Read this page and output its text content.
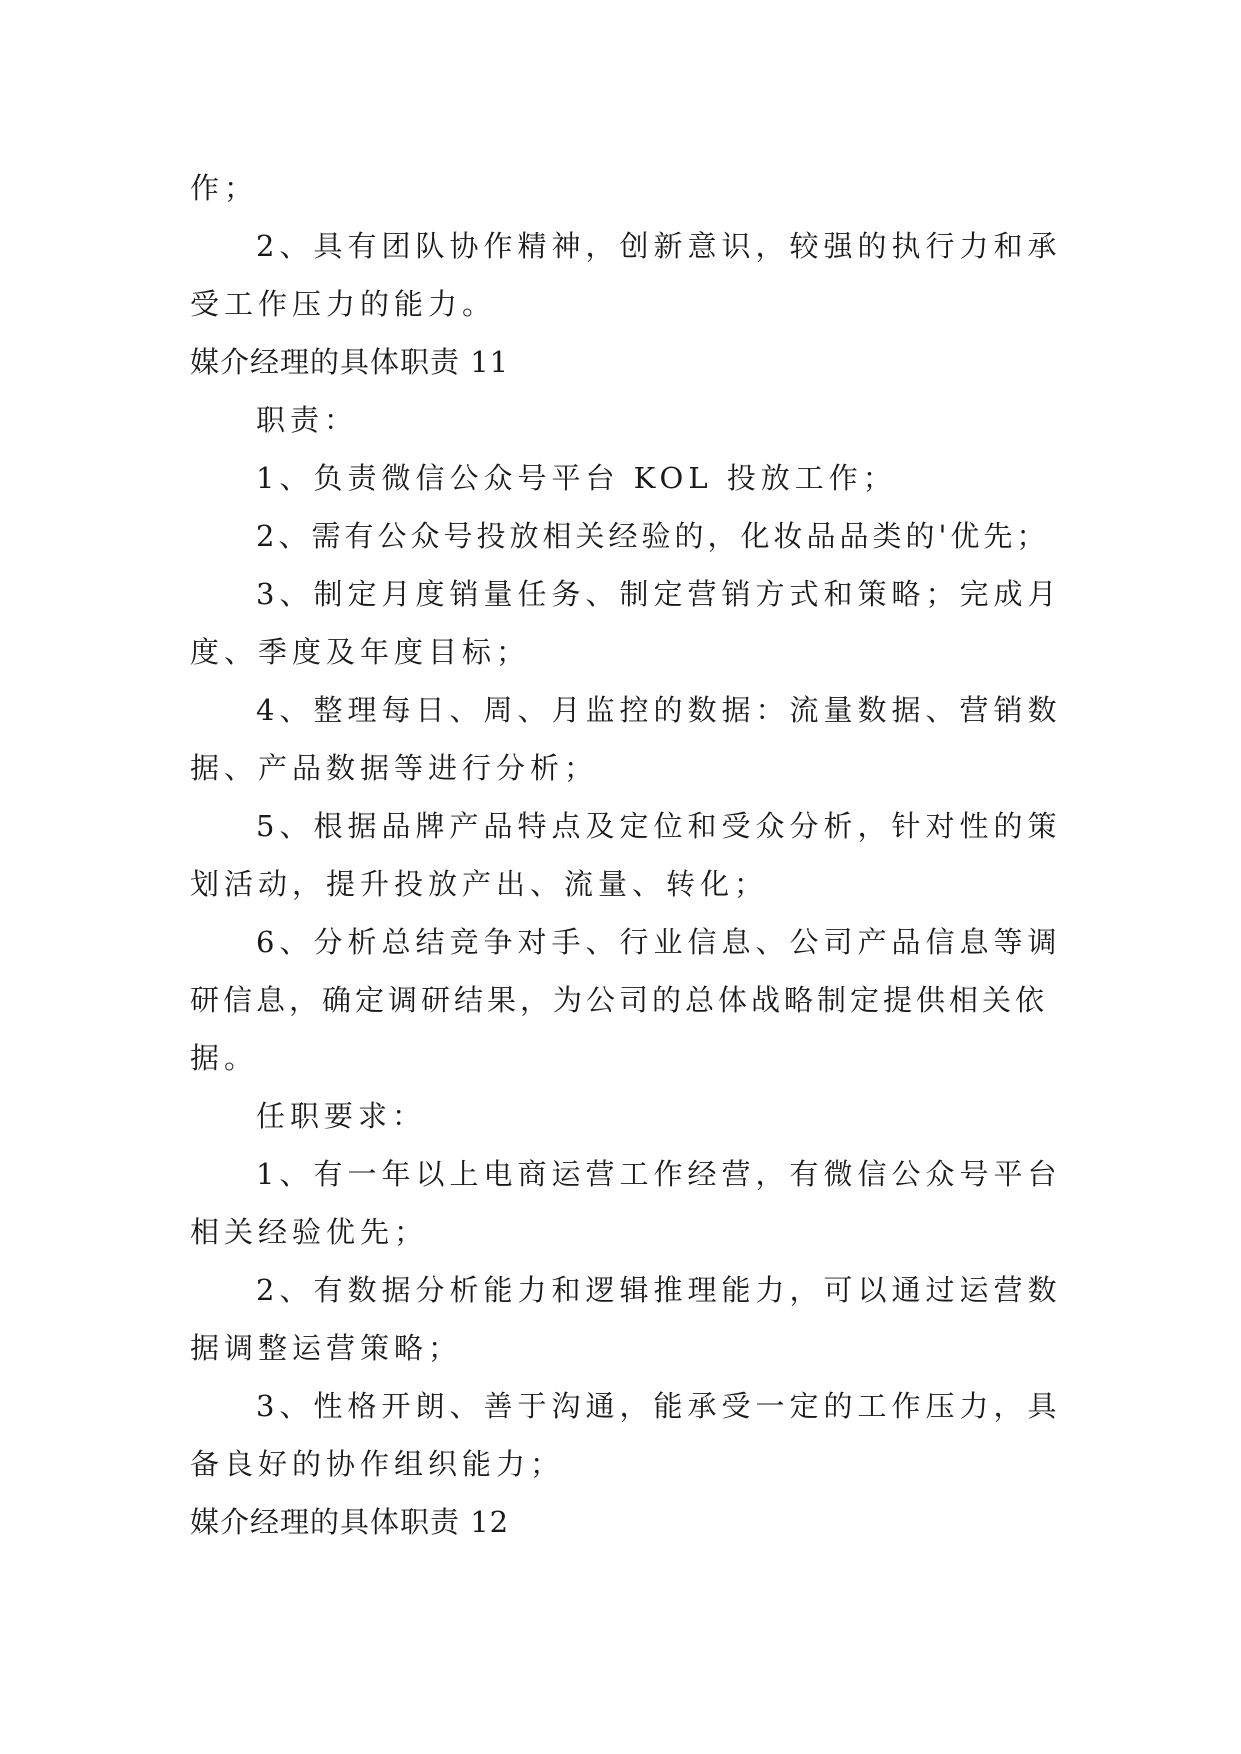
作；
2、具有团队协作精神，创新意识，较强的执行力和承
受工作压力的能力。
媒介经理的具体职责 11
职责：
1、负责微信公众号平台 KOL 投放工作；
2、需有公众号投放相关经验的，化妆品品类的'优先；
3、制定月度销量任务、制定营销方式和策略；完成月
度、季度及年度目标；
4、整理每日、周、月监控的数据：流量数据、营销数
据、产品数据等进行分析；
5、根据品牌产品特点及定位和受众分析，针对性的策
划活动，提升投放产出、流量、转化；
6、分析总结竞争对手、行业信息、公司产品信息等调
研信息，确定调研结果，为公司的总体战略制定提供相关依
据。
任职要求：
1、有一年以上电商运营工作经营，有微信公众号平台
相关经验优先；
2、有数据分析能力和逻辑推理能力，可以通过运营数
据调整运营策略；
3、性格开朗、善于沟通，能承受一定的工作压力，具
备良好的协作组织能力；
媒介经理的具体职责 12
